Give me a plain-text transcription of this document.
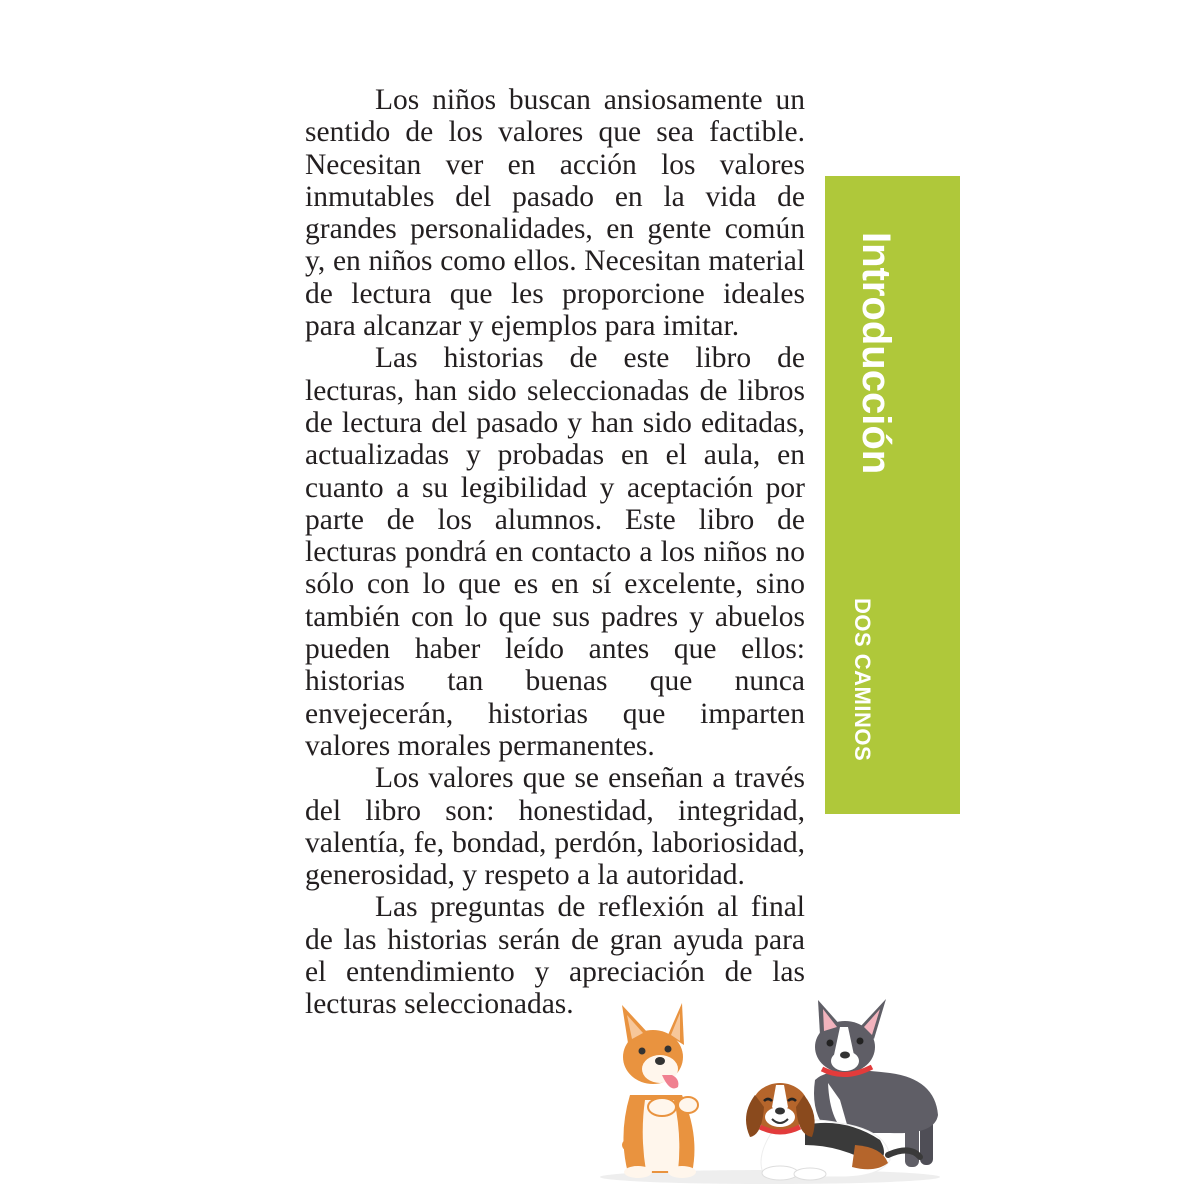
Los niños buscan ansiosamente un sentido de los valores que sea factible. Necesitan ver en acción los valores inmutables del pasado en la vida de grandes personalidades, en gente común y, en niños como ellos. Necesitan material de lectura que les proporcione ideales para alcanzar y ejemplos para imitar.

Las historias de este libro de lecturas, han sido seleccionadas de libros de lectura del pasado y han sido editadas, actualizadas y probadas en el aula, en cuanto a su legibilidad y aceptación por parte de los alumnos. Este libro de lecturas pondrá en contacto a los niños no sólo con lo que es en sí excelente, sino también con lo que sus padres y abuelos pueden haber leído antes que ellos: historias tan buenas que nunca envejecerán, historias que imparten valores morales permanentes.

Los valores que se enseñan a través del libro son: honestidad, integridad, valentía, fe, bondad, perdón, laboriosidad, generosidad, y respeto a la autoridad.

Las preguntas de reflexión al final de las historias serán de gran ayuda para el entendimiento y apreciación de las lecturas seleccionadas.

Introducción
DOS CAMINOS
